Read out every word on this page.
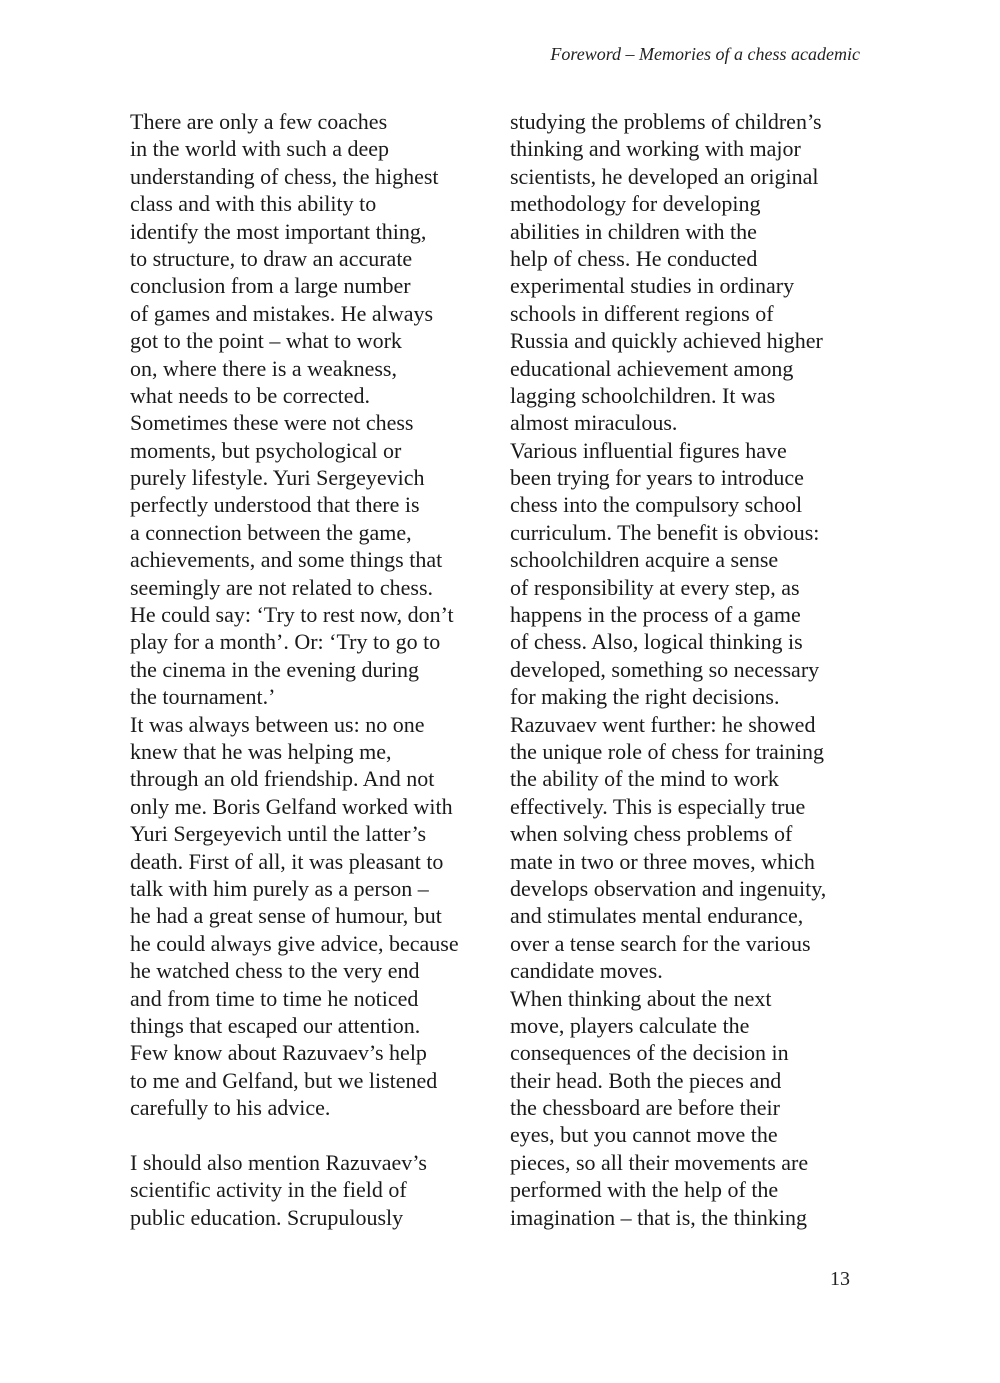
Foreword – Memories of a chess academic
There are only a few coaches
in the world with such a deep
understanding of chess, the highest
class and with this ability to
identify the most important thing,
to structure, to draw an accurate
conclusion from a large number
of games and mistakes. He always
got to the point – what to work
on, where there is a weakness,
what needs to be corrected.
Sometimes these were not chess
moments, but psychological or
purely lifestyle. Yuri Sergeyevich
perfectly understood that there is
a connection between the game,
achievements, and some things that
seemingly are not related to chess.
He could say: ‘Try to rest now, don’t
play for a month’. Or: ‘Try to go to
the cinema in the evening during
the tournament.’
It was always between us: no one
knew that he was helping me,
through an old friendship. And not
only me. Boris Gelfand worked with
Yuri Sergeyevich until the latter’s
death. First of all, it was pleasant to
talk with him purely as a person –
he had a great sense of humour, but
he could always give advice, because
he watched chess to the very end
and from time to time he noticed
things that escaped our attention.
Few know about Razuvaev’s help
to me and Gelfand, but we listened
carefully to his advice.
I should also mention Razuvaev’s
scientific activity in the field of
public education. Scrupulously
studying the problems of children’s
thinking and working with major
scientists, he developed an original
methodology for developing
abilities in children with the
help of chess. He conducted
experimental studies in ordinary
schools in different regions of
Russia and quickly achieved higher
educational achievement among
lagging schoolchildren. It was
almost miraculous.
Various influential figures have
been trying for years to introduce
chess into the compulsory school
curriculum. The benefit is obvious:
schoolchildren acquire a sense
of responsibility at every step, as
happens in the process of a game
of chess. Also, logical thinking is
developed, something so necessary
for making the right decisions.
Razuvaev went further: he showed
the unique role of chess for training
the ability of the mind to work
effectively. This is especially true
when solving chess problems of
mate in two or three moves, which
develops observation and ingenuity,
and stimulates mental endurance,
over a tense search for the various
candidate moves.
When thinking about the next
move, players calculate the
consequences of the decision in
their head. Both the pieces and
the chessboard are before their
eyes, but you cannot move the
pieces, so all their movements are
performed with the help of the
imagination – that is, the thinking
13
